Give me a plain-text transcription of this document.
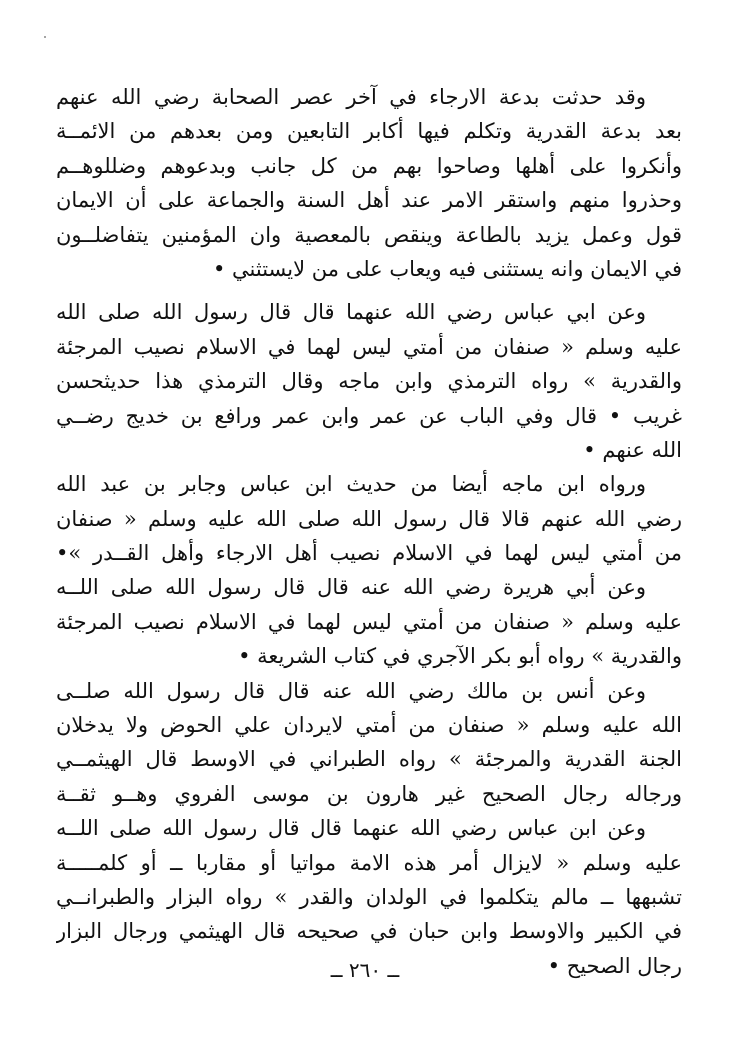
وقد حدثت بدعة الارجاء في آخر عصر الصحابة رضي الله عنهم
بعد بدعة القدرية وتكلم فيها أكابر التابعين ومن بعدهم من الائمــة
وأنكروا على أهلها وصاحوا بهم من كل جانب وبدعوهم وضللوهــم
وحذروا منهم واستقر الامر عند أهل السنة والجماعة على أن الايمان
قول وعمل يزيد بالطاعة وينقص بالمعصية وان المؤمنين يتفاضلــون
في الايمان وانه يستثنى فيه ويعاب على من لايستثني •
وعن ابي عباس رضي الله عنهما قال قال رسول الله صلى الله
عليه وسلم « صنفان من أمتي ليس لهما في الاسلام نصيب المرجئة
والقدرية » رواه الترمذي وابن ماجه وقال الترمذي هذا حديثحسن
غريب • قال وفي الباب عن عمر وابن عمر ورافع بن خديج رضــي
الله عنهم •
ورواه ابن ماجه أيضا من حديث ابن عباس وجابر بن عبد الله
رضي الله عنهم قالا قال رسول الله صلى الله عليه وسلم « صنفان
من أمتي ليس لهما في الاسلام نصيب أهل الارجاء وأهل القــدر »•
وعن أبي هريرة رضي الله عنه قال قال رسول الله صلى اللــه
عليه وسلم « صنفان من أمتي ليس لهما في الاسلام نصيب المرجئة
والقدرية » رواه أبو بكر الآجري في كتاب الشريعة •
وعن أنس بن مالك رضي الله عنه قال قال رسول الله صلــى
الله عليه وسلم « صنفان من أمتي لايردان علي الحوض ولا يدخلان
الجنة القدرية والمرجئة » رواه الطبراني في الاوسط قال الهيثمــي
ورجاله رجال الصحيح غير هارون بن موسى الفروي وهــو ثقــة
وعن ابن عباس رضي الله عنهما قال قال رسول الله صلى اللــه
عليه وسلم « لايزال أمر هذه الامة مواتيا أو مقاربا ــ أو كلمـــــة
تشبهها ــ مالم يتكلموا في الولدان والقدر » رواه البزار والطبرانــي
في الكبير والاوسط وابن حبان في صحيحه قال الهيثمي ورجال البزار
رجال الصحيح •
ــ ٢٦٠ ــ
